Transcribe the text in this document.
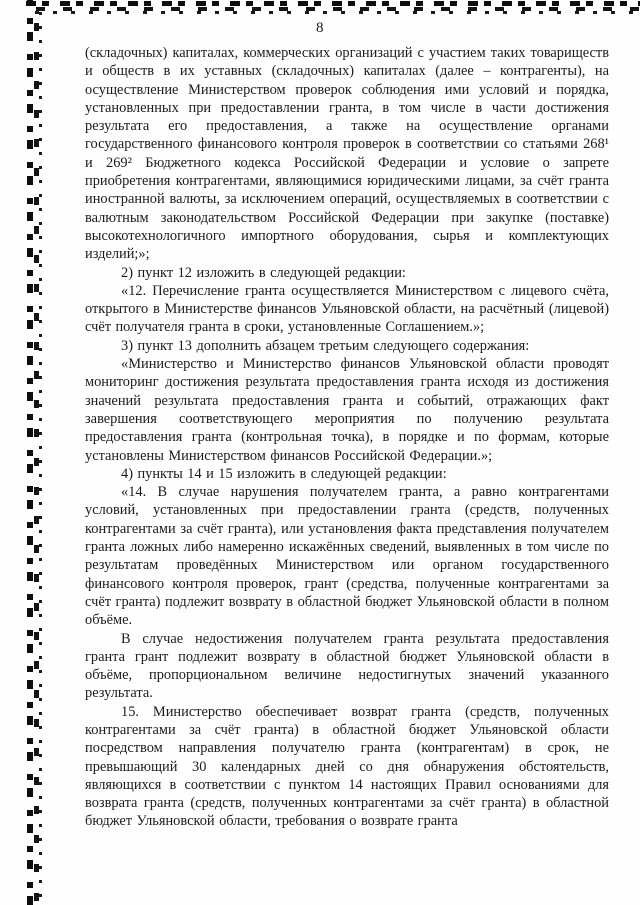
8

(складочных) капиталах, коммерческих организаций с участием таких товариществ и обществ в их уставных (складочных) капиталах (далее – контрагенты), на осуществление Министерством проверок соблюдения ими условий и порядка, установленных при предоставлении гранта, в том числе в части достижения результата его предоставления, а также на осуществление органами государственного финансового контроля проверок в соответствии со статьями 268¹ и 269² Бюджетного кодекса Российской Федерации и условие о запрете приобретения контрагентами, являющимися юридическими лицами, за счёт гранта иностранной валюты, за исключением операций, осуществляемых в соответствии с валютным законодательством Российской Федерации при закупке (поставке) высокотехнологичного импортного оборудования, сырья и комплектующих изделий;»;

2) пункт 12 изложить в следующей редакции:

«12. Перечисление гранта осуществляется Министерством с лицевого счёта, открытого в Министерстве финансов Ульяновской области, на расчётный (лицевой) счёт получателя гранта в сроки, установленные Соглашением.»;

3) пункт 13 дополнить абзацем третьим следующего содержания:

«Министерство и Министерство финансов Ульяновской области проводят мониторинг достижения результата предоставления гранта исходя из достижения значений результата предоставления гранта и событий, отражающих факт завершения соответствующего мероприятия по получению результата предоставления гранта (контрольная точка), в порядке и по формам, которые установлены Министерством финансов Российской Федерации.»;

4) пункты 14 и 15 изложить в следующей редакции:

«14. В случае нарушения получателем гранта, а равно контрагентами условий, установленных при предоставлении гранта (средств, полученных контрагентами за счёт гранта), или установления факта представления получателем гранта ложных либо намеренно искажённых сведений, выявленных в том числе по результатам проведённых Министерством или органом государственного финансового контроля проверок, грант (средства, полученные контрагентами за счёт гранта) подлежит возврату в областной бюджет Ульяновской области в полном объёме.

В случае недостижения получателем гранта результата предоставления гранта грант подлежит возврату в областной бюджет Ульяновской области в объёме, пропорциональном величине недостигнутых значений указанного результата.

15. Министерство обеспечивает возврат гранта (средств, полученных контрагентами за счёт гранта) в областной бюджет Ульяновской области посредством направления получателю гранта (контрагентам) в срок, не превышающий 30 календарных дней со дня обнаружения обстоятельств, являющихся в соответствии с пунктом 14 настоящих Правил основаниями для возврата гранта (средств, полученных контрагентами за счёт гранта) в областной бюджет Ульяновской области, требования о возврате гранта
